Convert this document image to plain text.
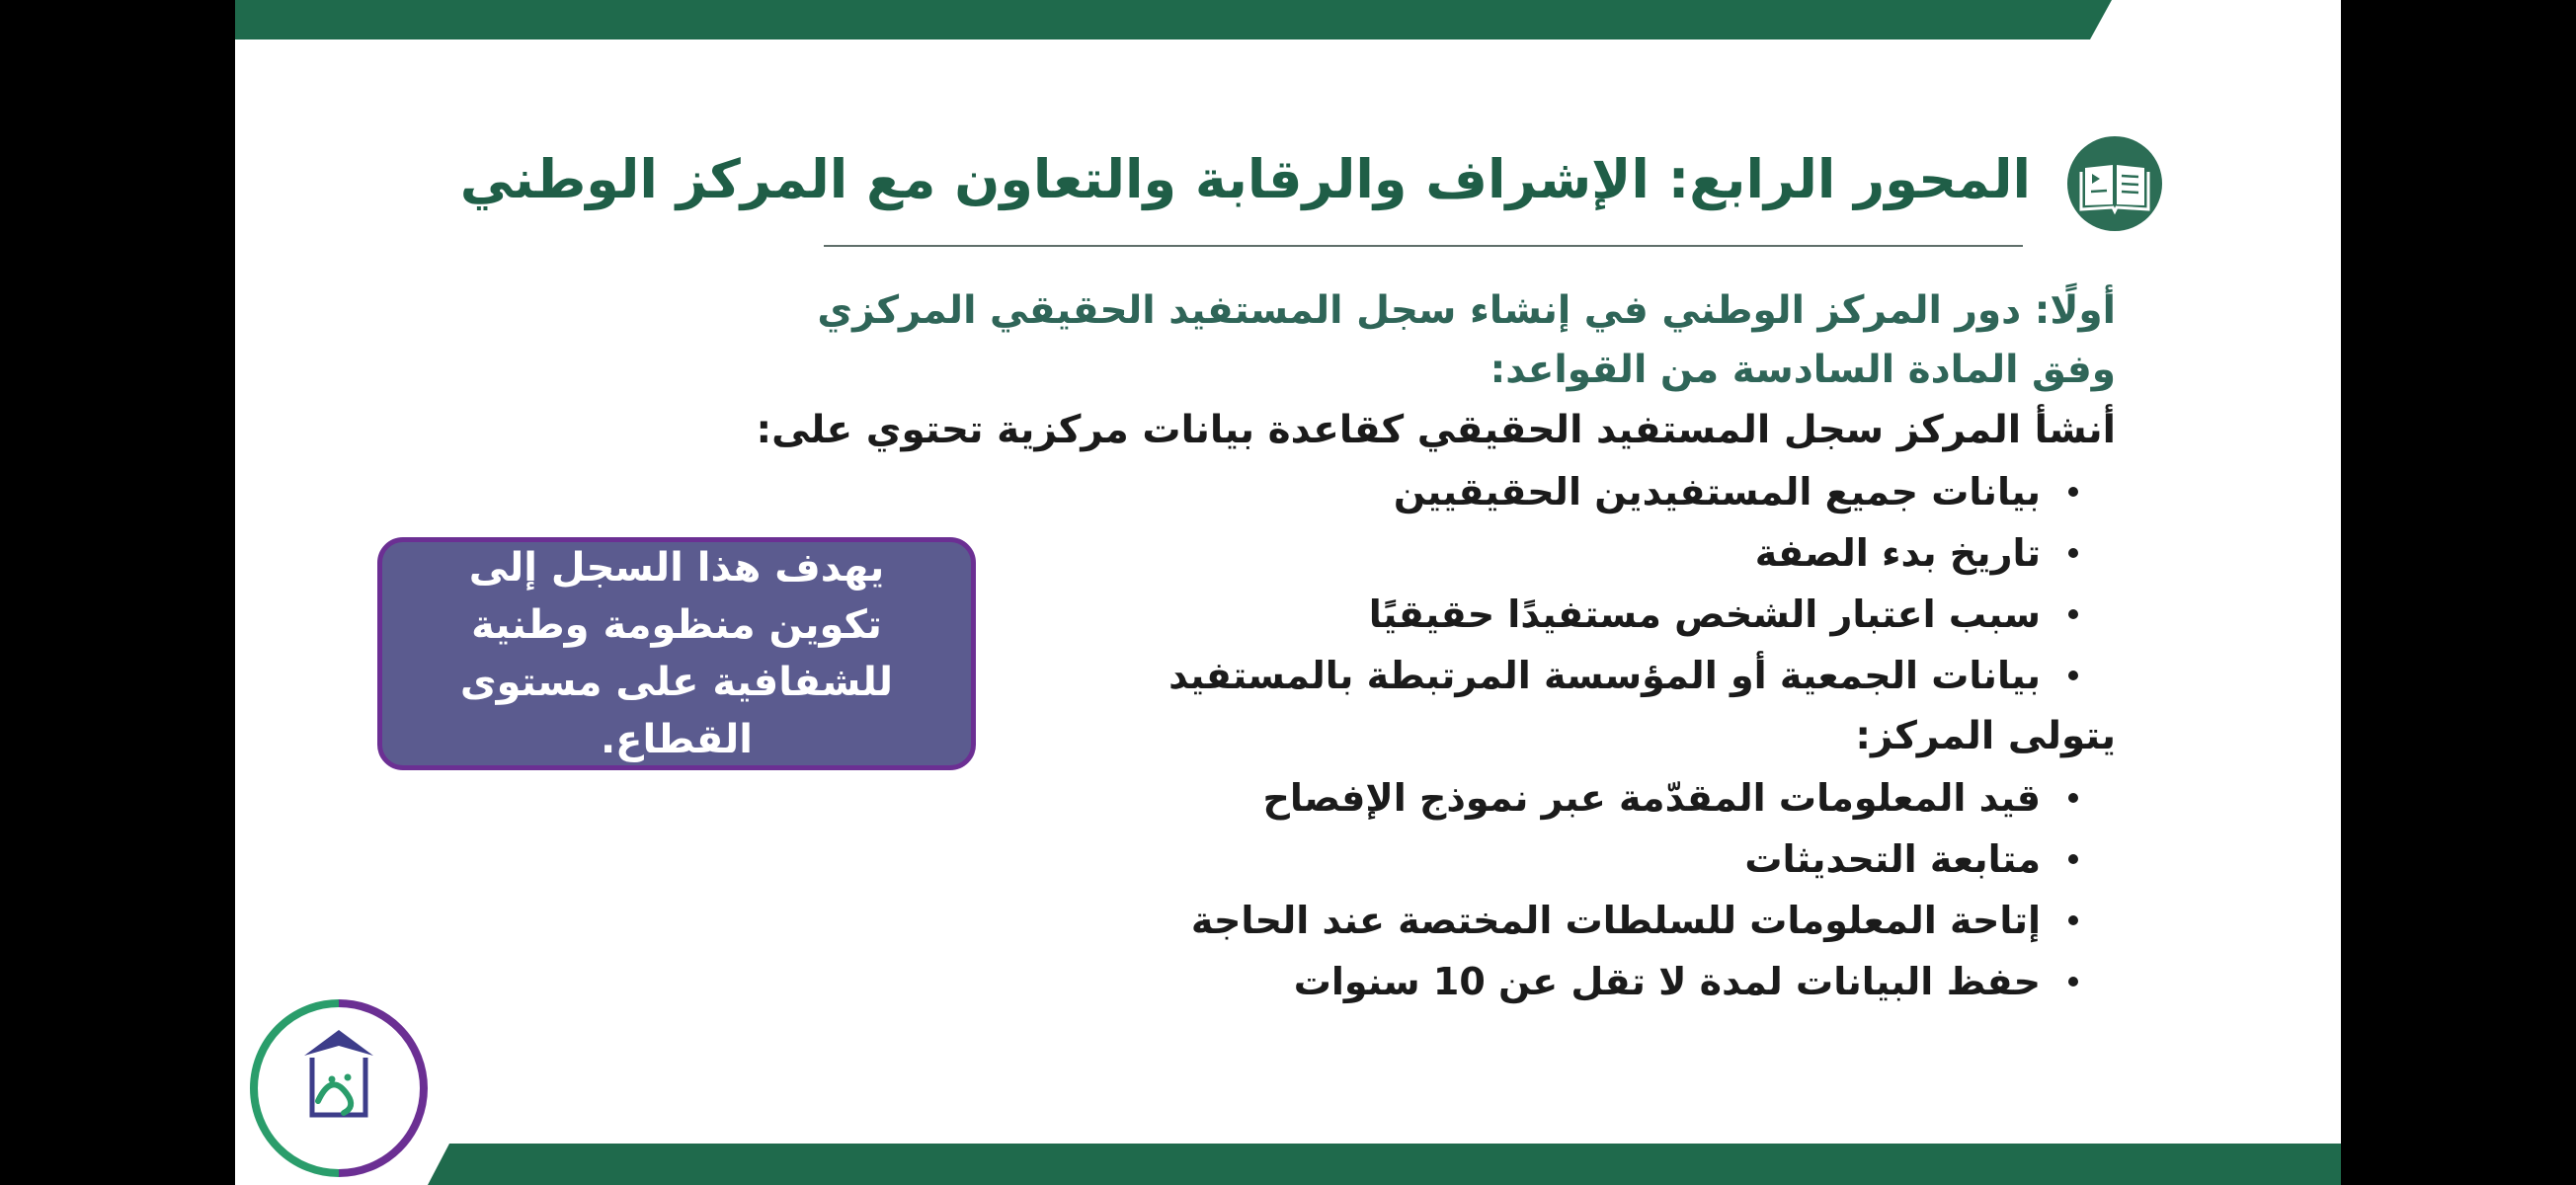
المحور الرابع: الإشراف والرقابة والتعاون مع المركز الوطني
أولًا: دور المركز الوطني في إنشاء سجل المستفيد الحقيقي المركزي
وفق المادة السادسة من القواعد:
أنشأ المركز سجل المستفيد الحقيقي كقاعدة بيانات مركزية تحتوي على:
بيانات جميع المستفيدين الحقيقيين
تاريخ بدء الصفة
سبب اعتبار الشخص مستفيدًا حقيقيًا
بيانات الجمعية أو المؤسسة المرتبطة بالمستفيد
يتولى المركز:
قيد المعلومات المقدّمة عبر نموذج الإفصاح
متابعة التحديثات
إتاحة المعلومات للسلطات المختصة عند الحاجة
حفظ البيانات لمدة لا تقل عن 10 سنوات
يهدف هذا السجل إلى تكوين منظومة وطنية للشفافية على مستوى القطاع.
